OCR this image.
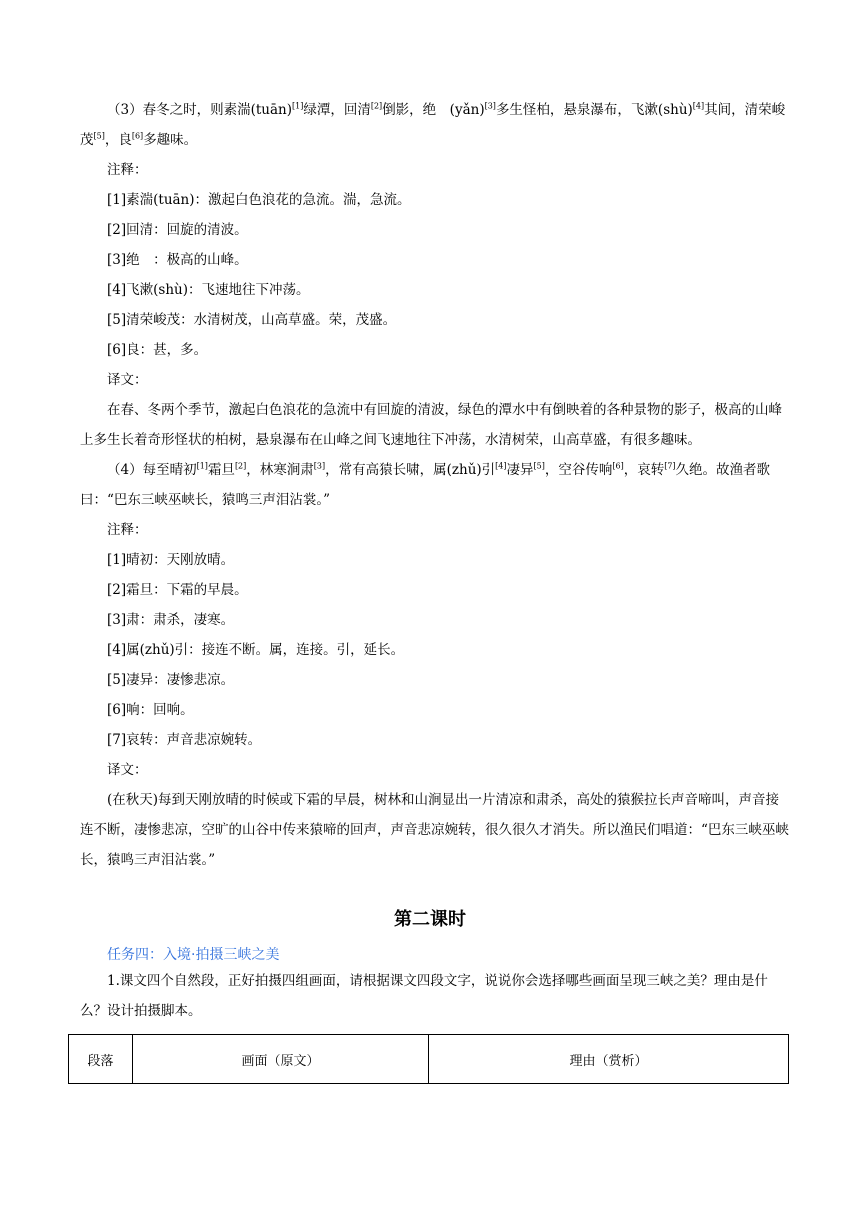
（3）春冬之时，则素湍(tuān)[1]绿潭，回清[2]倒影，绝　(yǎn)[3]多生怪柏，悬泉瀑布，飞漱(shù)[4]其间，清荣峻茂[5]，良[6]多趣味。

注释：

[1]素湍(tuān)：激起白色浪花的急流。湍，急流。

[2]回清：回旋的清波。

[3]绝　：极高的山峰。

[4]飞漱(shù)：飞速地往下冲荡。

[5]清荣峻茂：水清树茂，山高草盛。荣，茂盛。

[6]良：甚，多。

译文：

在春、冬两个季节，激起白色浪花的急流中有回旋的清波，绿色的潭水中有倒映着的各种景物的影子，极高的山峰上多生长着奇形怪状的柏树，悬泉瀑布在山峰之间飞速地往下冲荡，水清树荣，山高草盛，有很多趣味。

（4）每至晴初[1]霜旦[2]，林寒涧肃[3]，常有高猿长啸，属(zhǔ)引[4]凄异[5]，空谷传响[6]，哀转[7]久绝。故渔者歌曰：“巴东三峡巫峡长，猿鸣三声泪沾裳。”

注释：

[1]晴初：天刚放晴。

[2]霜旦：下霜的早晨。

[3]肃：肃杀，凄寒。

[4]属(zhǔ)引：接连不断。属，连接。引，延长。

[5]凄异：凄惨悲凉。

[6]响：回响。

[7]哀转：声音悲凉婉转。

译文：

(在秋天)每到天刚放晴的时候或下霜的早晨，树林和山涧显出一片清凉和肃杀，高处的猿猴拉长声音啼叫，声音接连不断，凄惨悲凉，空旷的山谷中传来猿啼的回声，声音悲凉婉转，很久很久才消失。所以渔民们唱道：“巴东三峡巫峡长，猿鸣三声泪沾裳。”

第二课时
任务四：入境·拍摄三峡之美

1.课文四个自然段，正好拍摄四组画面，请根据课文四段文字，说说你会选择哪些画面呈现三峡之美？理由是什么？设计拍摄脚本。

段落	画面（原文）	理由（赏析）
